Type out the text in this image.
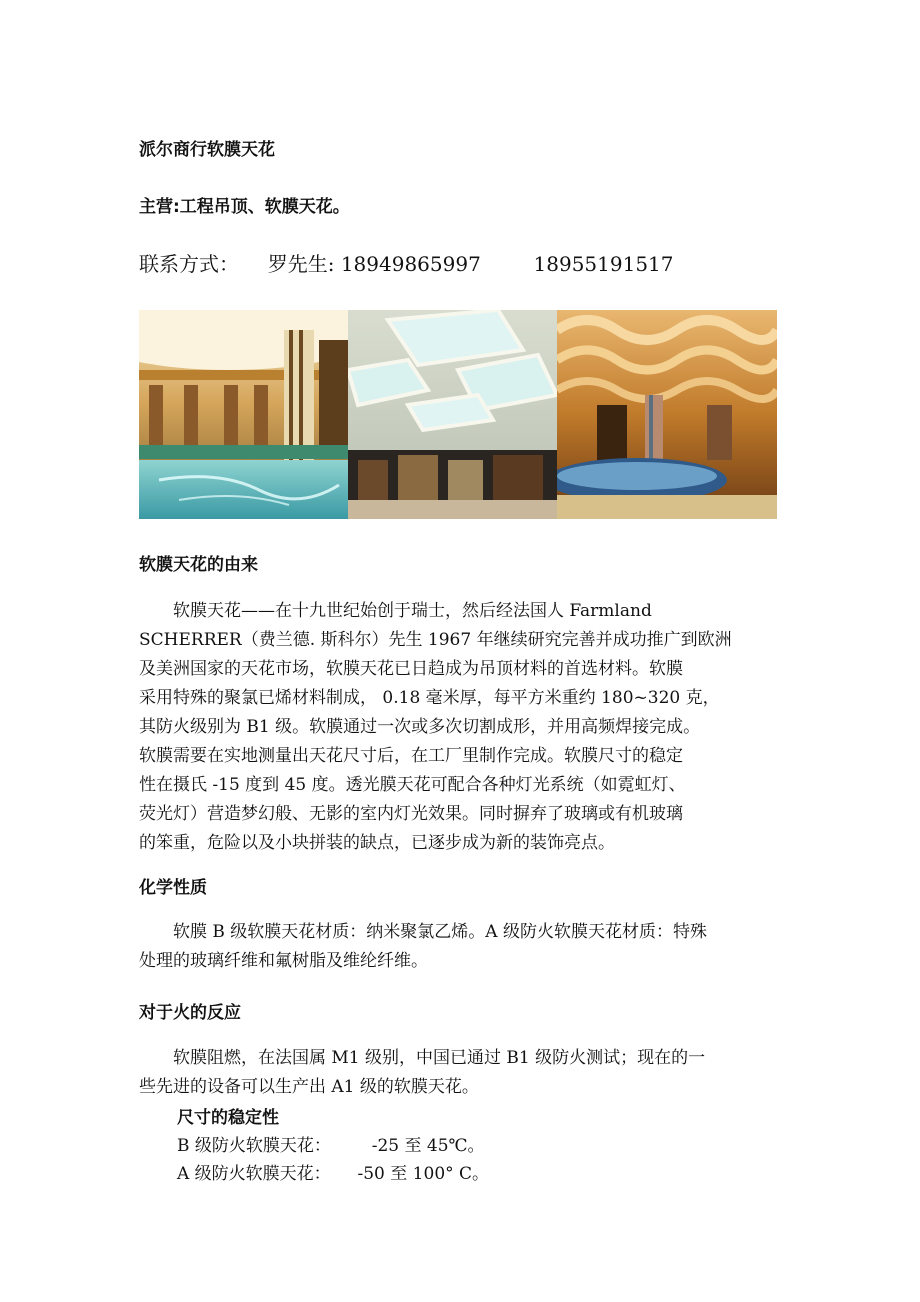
派尔商行软膜天花
主营:工程吊顶、软膜天花。
联系方式： 罗先生: 18949865997	18955191517
软膜天花的由来
　　软膜天花——在十九世纪始创于瑞士，然后经法国人 Farmland
SCHERRER（费兰德. 斯科尔）先生 1967 年继续研究完善并成功推广到欧洲
及美洲国家的天花市场，软膜天花已日趋成为吊顶材料的首选材料。软膜
采用特殊的聚氯已烯材料制成， 0.18 毫米厚，每平方米重约 180~320 克，
其防火级别为 B1 级。软膜通过一次或多次切割成形，并用高频焊接完成。
软膜需要在实地测量出天花尺寸后，在工厂里制作完成。软膜尺寸的稳定
性在摄氏 -15 度到 45 度。透光膜天花可配合各种灯光系统（如霓虹灯、
荧光灯）营造梦幻般、无影的室内灯光效果。同时摒弃了玻璃或有机玻璃
的笨重，危险以及小块拼装的缺点，已逐步成为新的装饰亮点。
化学性质
　　软膜 B 级软膜天花材质：纳米聚氯乙烯。A 级防火软膜天花材质：特殊
处理的玻璃纤维和氟树脂及维纶纤维。
对于火的反应
　　软膜阻燃，在法国属 M1 级别，中国已通过 B1 级防火测试；现在的一
些先进的设备可以生产出 A1 级的软膜天花。
尺寸的稳定性
B 级防火软膜天花： -25 至 45℃。
A 级防火软膜天花： -50 至 100° C。
